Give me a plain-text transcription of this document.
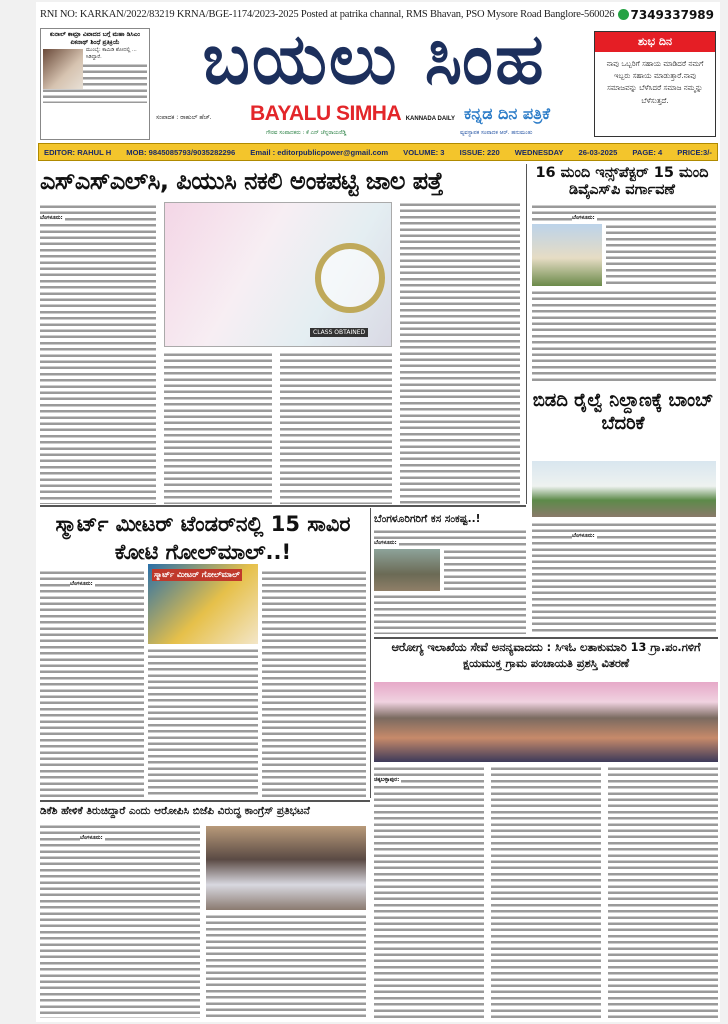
RNI NO: KARKAN/2022/83219 KRNA/BGE-1174/2023-2025 Posted at patrika channal, RMS Bhavan, PSO Mysore Road Banglore-560026	7349337989
ಕುನಾಲ್ ಕಾಮ್ರಾ ವಿವಾದದ ಬಗ್ಗೆ ಮಹಾ ಡಿಸಿಎಂ ಏಕನಾಥ್ ಶಿಂಧೆ ಪ್ರತಿಕ್ರಿಯೆ
ಮುಂಬೈ: ಕಾಮಿಡಿ ಶೋದಲ್ಲಿ ... ಸಿಡಿದ್ದಾರೆ.	ಬಯಲು ಸಿಂಹ
ಸಂಪಾದಕ : ರಾಹುಲ್ ಹೆಚ್. BAYALU SIMHA KANNADA DAILY
ಗೌರವ ಸಂಪಾದಕರು : ಕೆ ಎನ್ ಚೆನ್ನರಾಯರೆಡ್ಡಿ
ಕನ್ನಡ ದಿನ ಪತ್ರಿಕೆ
ವ್ಯವಸ್ಥಾಪಕ ಸಂಪಾದಕ ಆರ್. ಹನುಮಂತು
ಶುಭ ದಿನ

ನಾವು ಒಬ್ಬರಿಗೆ ಸಹಾಯ ಮಾಡಿದರೆ ನಮಗೆ ಇಬ್ಬರು ಸಹಾಯ ಮಾಡುತ್ತಾರೆ.ನಾವು ಸಮಾಜವನ್ನು ಬೆಳೆಸಿದರೆ ಸಮಾಜ ನಮ್ಮನ್ನು ಬೆಳೆಸುತ್ತದೆ.

EDITOR: RAHUL H MOB: 9845085793/9035282296 Email : editorpublicpower@gmail.com VOLUME: 3 ISSUE: 220 WEDNESDAY 26-03-2025 PAGE: 4 PRICE:3/-
ಎಸ್‌ಎಸ್‌ಎಲ್‌ಸಿ, ಪಿಯುಸಿ ನಕಲಿ ಅಂಕಪಟ್ಟಿ ಜಾಲ ಪತ್ತೆ
ಬೆಂಗಳೂರು:
CLASS OBTAINED
16 ಮಂದಿ ಇನ್ಸ್‌ಪೆಕ್ಟರ್ 15 ಮಂದಿ ಡಿವೈಎಸ್‌ಪಿ ವರ್ಗಾವಣೆ
ಬೆಂಗಳೂರು:
ಬಿಡದಿ ರೈಲ್ವೆ ನಿಲ್ದಾಣಕ್ಕೆ ಬಾಂಬ್ ಬೆದರಿಕೆ
ಬೆಂಗಳೂರು:
ಸ್ಮಾರ್ಟ್ ಮೀಟರ್ ಟೆಂಡರ್‌ನಲ್ಲಿ 15 ಸಾವಿರ ಕೋಟಿ ಗೋಲ್‌ಮಾಲ್..!
ಬೆಂಗಳೂರು:
ಸ್ಮಾರ್ಟ್ ಮೀಟರ್ ಗೋಲ್‌ಮಾಲ್
ಬೆಂಗಳೂರಿಗರಿಗೆ ಕಸ ಸಂಕಷ್ಟ..!
ಬೆಂಗಳೂರು:
ಆರೋಗ್ಯ ಇಲಾಖೆಯ ಸೇವೆ ಅನನ್ಯವಾದದು : ಸಿಇಓ ಲತಾಕುಮಾರಿ 13 ಗ್ರಾ.ಪಂ.ಗಳಿಗೆ ಕ್ಷಯಮುಕ್ತ ಗ್ರಾಮ ಪಂಚಾಯತಿ ಪ್ರಶಸ್ತಿ ವಿತರಣೆ
ಚಿಕ್ಕಬಳ್ಳಾಪುರ:
ಡಿಕೆಶಿ ಹೇಳಿಕೆ ತಿರುಚಿದ್ದಾರೆ ಎಂದು ಆರೋಪಿಸಿ ಬಿಜೆಪಿ ವಿರುದ್ಧ ಕಾಂಗ್ರೆಸ್ ಪ್ರತಿಭಟನೆ
ಬೆಂಗಳೂರು:
